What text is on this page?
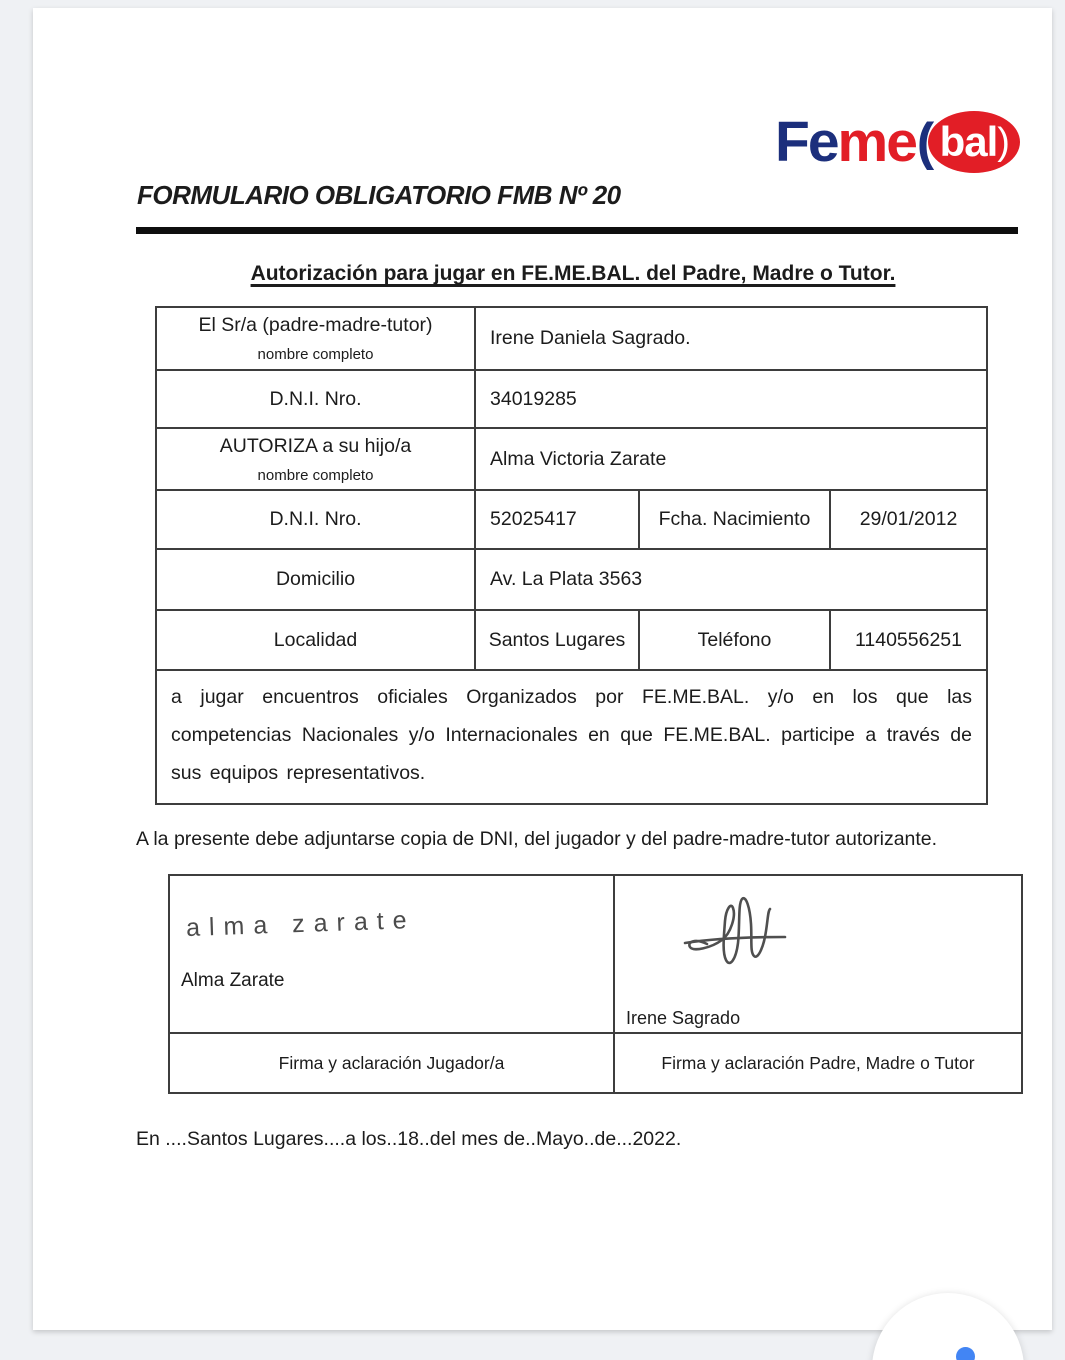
Fe me ( bal )
FORMULARIO OBLIGATORIO FMB Nº 20
Autorización para jugar en FE.ME.BAL. del Padre, Madre o Tutor.
El Sr/a (padre-madre-tutor)
nombre completo	Irene Daniela Sagrado.		
D.N.I. Nro.	34019285		
AUTORIZA a su hijo/a
nombre completo	Alma Victoria Zarate		
D.N.I. Nro.	52025417	Fcha. Nacimiento	29/01/2012
Domicilio	Av. La Plata 3563		
Localidad	Santos Lugares	Teléfono	1140556251
a jugar encuentros oficiales Organizados por FE.ME.BAL. y/o en los que las competencias Nacionales y/o Internacionales en que FE.ME.BAL. participe a través de sus equipos representativos.			
A la presente debe adjuntarse copia de DNI, del jugador y del padre-madre-tutor autorizante.
alma zarate
Alma Zarate	Irene Sagrado

Firma y aclaración Jugador/a	Firma y aclaración Padre, Madre o Tutor
En ....Santos Lugares....a los..18..del mes de..Mayo..de...2022.
